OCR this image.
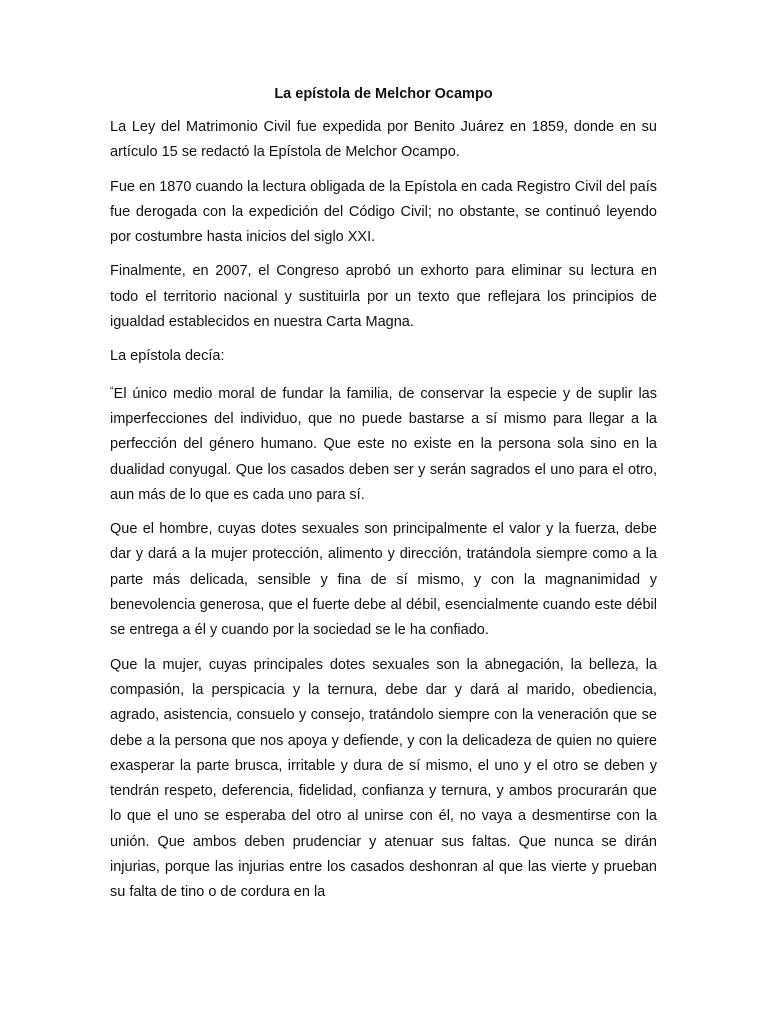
La epístola de Melchor Ocampo

La Ley del Matrimonio Civil fue expedida por Benito Juárez en 1859, donde en su artículo 15 se redactó la Epístola de Melchor Ocampo.

Fue en 1870 cuando la lectura obligada de la Epístola en cada Registro Civil del país fue derogada con la expedición del Código Civil; no obstante, se continuó leyendo por costumbre hasta inicios del siglo XXI.

Finalmente, en 2007, el Congreso aprobó un exhorto para eliminar su lectura en todo el territorio nacional y sustituirla por un texto que reflejara los principios de igualdad establecidos en nuestra Carta Magna.

La epístola decía:

“ El único medio moral de fundar la familia, de conservar la especie y de suplir las imperfecciones del individuo, que no puede bastarse a sí mismo para llegar a la perfección del género humano. Que este no existe en la persona sola sino en la dualidad conyugal. Que los casados deben ser y serán sagrados el uno para el otro, aun más de lo que es cada uno para sí.

Que el hombre, cuyas dotes sexuales son principalmente el valor y la fuerza, debe dar y dará a la mujer protección, alimento y dirección, tratándola siempre como a la parte más delicada, sensible y fina de sí mismo, y con la magnanimidad y benevolencia generosa, que el fuerte debe al débil, esencialmente cuando este débil se entrega a él y cuando por la sociedad se le ha confiado.

Que la mujer, cuyas principales dotes sexuales son la abnegación, la belleza, la compasión, la perspicacia y la ternura, debe dar y dará al marido, obediencia, agrado, asistencia, consuelo y consejo, tratándolo siempre con la veneración que se debe a la persona que nos apoya y defiende, y con la delicadeza de quien no quiere exasperar la parte brusca, irritable y dura de sí mismo, el uno y el otro se deben y tendrán respeto, deferencia, fidelidad, confianza y ternura, y ambos procurarán que lo que el uno se esperaba del otro al unirse con él, no vaya a desmentirse con la unión. Que ambos deben prudenciar y atenuar sus faltas. Que nunca se dirán injurias, porque las injurias entre los casados deshonran al que las vierte y prueban su falta de tino o de cordura en la
